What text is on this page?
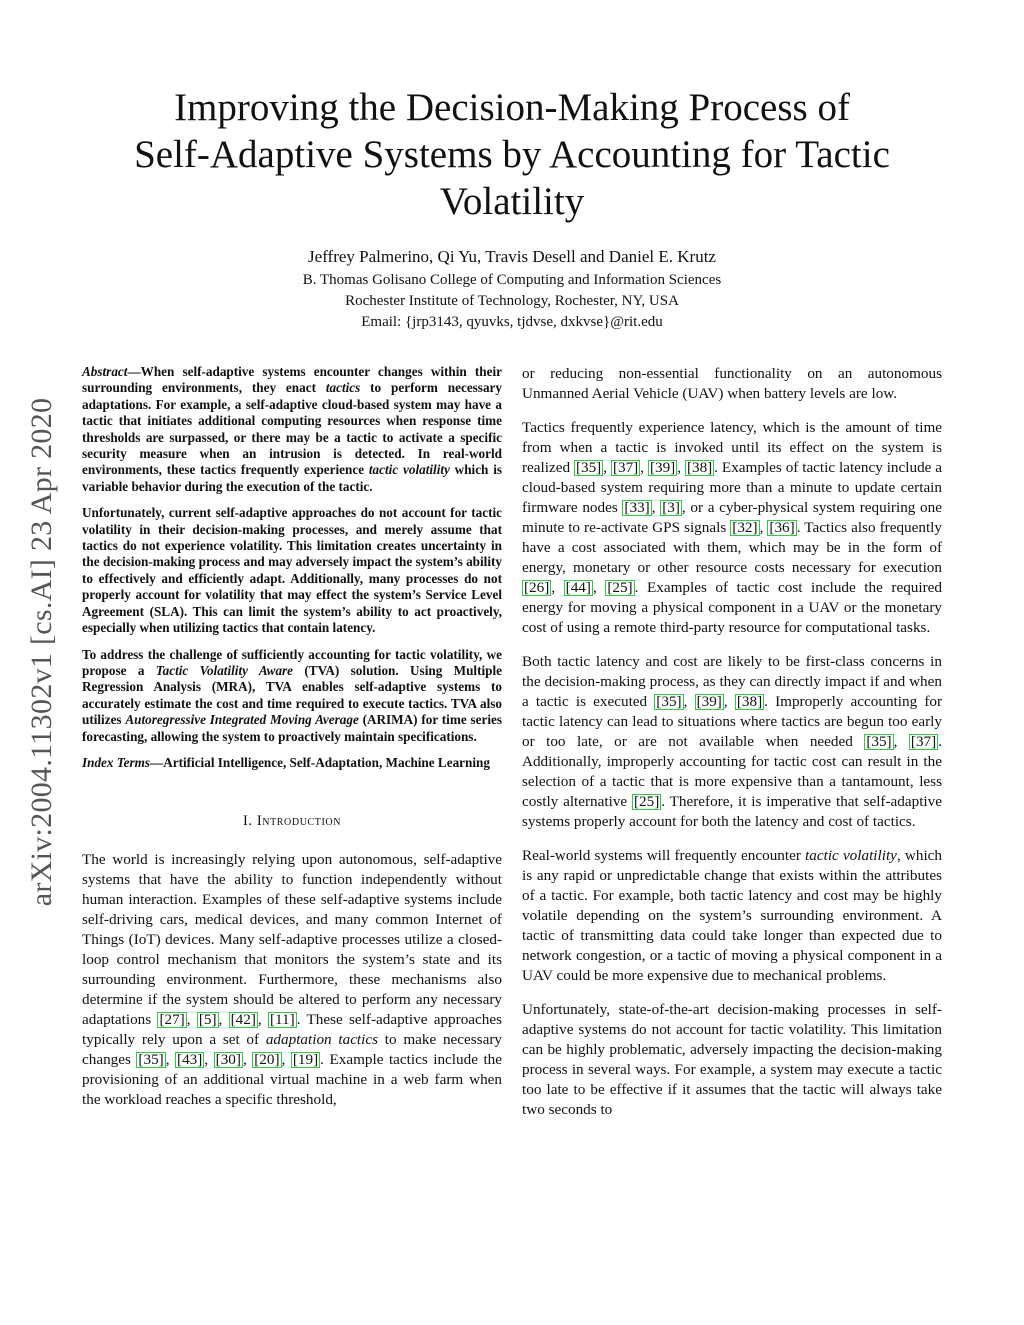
Improving the Decision-Making Process of
Self-Adaptive Systems by Accounting for Tactic
Volatility
Jeffrey Palmerino, Qi Yu, Travis Desell and Daniel E. Krutz
B. Thomas Golisano College of Computing and Information Sciences
Rochester Institute of Technology, Rochester, NY, USA
Email: {jrp3143, qyuvks, tjdvse, dxkvse}@rit.edu
arXiv:2004.11302v1 [cs.AI] 23 Apr 2020

Abstract—When self-adaptive systems encounter changes within their surrounding environments, they enact tactics to perform necessary adaptations. For example, a self-adaptive cloud-based system may have a tactic that initiates additional computing resources when response time thresholds are surpassed, or there may be a tactic to activate a specific security measure when an intrusion is detected. In real-world environments, these tactics frequently experience tactic volatility which is variable behavior during the execution of the tactic.

Unfortunately, current self-adaptive approaches do not account for tactic volatility in their decision-making processes, and merely assume that tactics do not experience volatility. This limitation creates uncertainty in the decision-making process and may adversely impact the system’s ability to effectively and efficiently adapt. Additionally, many processes do not properly account for volatility that may effect the system’s Service Level Agreement (SLA). This can limit the system’s ability to act proactively, especially when utilizing tactics that contain latency.

To address the challenge of sufficiently accounting for tactic volatility, we propose a Tactic Volatility Aware (TVA) solution. Using Multiple Regression Analysis (MRA), TVA enables self-adaptive systems to accurately estimate the cost and time required to execute tactics. TVA also utilizes Autoregressive Integrated Moving Average (ARIMA) for time series forecasting, allowing the system to proactively maintain specifications.

Index Terms—Artificial Intelligence, Self-Adaptation, Machine Learning

I. Introduction

The world is increasingly relying upon autonomous, self-adaptive systems that have the ability to function independently without human interaction. Examples of these self-adaptive systems include self-driving cars, medical devices, and many common Internet of Things (IoT) devices. Many self-adaptive processes utilize a closed-loop control mechanism that monitors the system’s state and its surrounding environment. Furthermore, these mechanisms also determine if the system should be altered to perform any necessary adaptations [27] , [5] , [42] , [11] . These self-adaptive approaches typically rely upon a set of adaptation tactics to make necessary changes [35] , [43] , [30] , [20] , [19] . Example tactics include the provisioning of an additional virtual machine in a web farm when the workload reaches a specific threshold,

or reducing non-essential functionality on an autonomous Unmanned Aerial Vehicle (UAV) when battery levels are low.

Tactics frequently experience latency, which is the amount of time from when a tactic is invoked until its effect on the system is realized [35] , [37] , [39] , [38] . Examples of tactic latency include a cloud-based system requiring more than a minute to update certain firmware nodes [33] , [3] , or a cyber-physical system requiring one minute to re-activate GPS signals [32] , [36] . Tactics also frequently have a cost associated with them, which may be in the form of energy, monetary or other resource costs necessary for execution [26] , [44] , [25] . Examples of tactic cost include the required energy for moving a physical component in a UAV or the monetary cost of using a remote third-party resource for computational tasks.

Both tactic latency and cost are likely to be first-class concerns in the decision-making process, as they can directly impact if and when a tactic is executed [35] , [39] , [38] . Improperly accounting for tactic latency can lead to situations where tactics are begun too early or too late, or are not available when needed [35] , [37] . Additionally, improperly accounting for tactic cost can result in the selection of a tactic that is more expensive than a tantamount, less costly alternative [25] . Therefore, it is imperative that self-adaptive systems properly account for both the latency and cost of tactics.

Real-world systems will frequently encounter tactic volatility, which is any rapid or unpredictable change that exists within the attributes of a tactic. For example, both tactic latency and cost may be highly volatile depending on the system’s surrounding environment. A tactic of transmitting data could take longer than expected due to network congestion, or a tactic of moving a physical component in a UAV could be more expensive due to mechanical problems.

Unfortunately, state-of-the-art decision-making processes in self-adaptive systems do not account for tactic volatility. This limitation can be highly problematic, adversely impacting the decision-making process in several ways. For example, a system may execute a tactic too late to be effective if it assumes that the tactic will always take two seconds to
